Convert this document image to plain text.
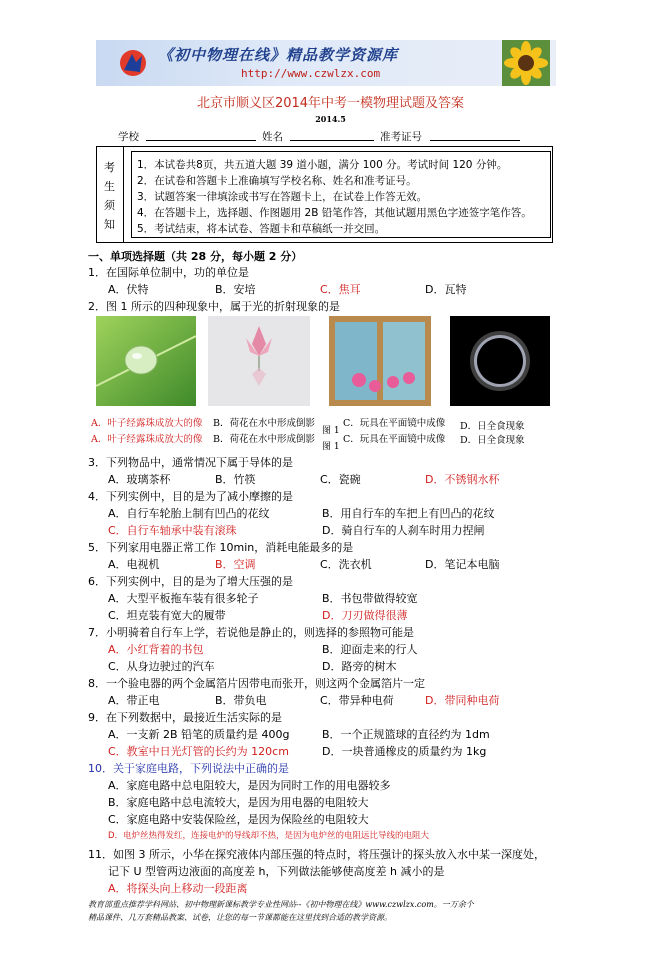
《初中物理在线》精品教学资源库
http://www.czwlzx.com
北京市顺义区2014年中考一模物理试题及答案
2014.5
学校	姓名	准考证号
考
生
须
知
1．本试卷共8页，共五道大题 39 道小题，满分 100 分。考试时间 120 分钟。
2．在试卷和答题卡上准确填写学校名称、姓名和准考证号。
3．试题答案一律填涂或书写在答题卡上，在试卷上作答无效。
4．在答题卡上，选择题、作图题用 2B 铅笔作答，其他试题用黑色字迹签字笔作答。
5．考试结束，将本试卷、答题卡和草稿纸一并交回。
一、单项选择题（共 28 分，每小题 2 分）
1．在国际单位制中，功的单位是
A．伏特	B．安培	C．焦耳	D．瓦特
2．图 1 所示的四种现象中，属于光的折射现象的是
A．叶子经露珠成放大的像
A．叶子经露珠成放大的像
B．荷花在水中形成倒影
B．荷花在水中形成倒影
C．玩具在平面镜中成像
C．玩具在平面镜中成像
图 1
图 1
D．日全食现象
D．日全食现象
3．下列物品中，通常情况下属于导体的是
A．玻璃茶杯	B．竹筷	C．瓷碗	D．不锈钢水杯
4．下列实例中，目的是为了减小摩擦的是
A．自行车轮胎上制有凹凸的花纹	B．用自行车的车把上有凹凸的花纹
C．自行车轴承中装有滚珠	D．骑自行车的人刹车时用力捏闸
5．下列家用电器正常工作 10min，消耗电能最多的是
A．电视机	B．空调	C．洗衣机	D．笔记本电脑
6．下列实例中，目的是为了增大压强的是
A．大型平板拖车装有很多轮子	B．书包带做得较宽
C．坦克装有宽大的履带	D．刀刃做得很薄
7．小明骑着自行车上学，若说他是静止的，则选择的参照物可能是
A．小红背着的书包	B．迎面走来的行人
C．从身边驶过的汽车	D．路旁的树木
8．一个验电器的两个金属箔片因带电而张开，则这两个金属箔片一定
A．带正电	B．带负电	C．带异种电荷	D．带同种电荷
9．在下列数据中，最接近生活实际的是
A．一支新 2B 铅笔的质量约是 400g	B．一个正规篮球的直径约为 1dm
C．教室中日光灯管的长约为 120cm	D．一块普通橡皮的质量约为 1kg
10．关于家庭电路，下列说法中正确的是
A．家庭电路中总电阻较大，是因为同时工作的用电器较多
B．家庭电路中总电流较大，是因为用电器的电阻较大
C．家庭电路中安装保险丝，是因为保险丝的电阻较大
D．电炉丝热得发红，连接电炉的导线却不热，是因为电炉丝的电阻远比导线的电阻大
11．如图 3 所示，小华在探究液体内部压强的特点时，将压强计的探头放入水中某一深度处，
记下 U 型管两边液面的高度差 h，下列做法能够使高度差 h 减小的是
A．将探头向上移动一段距离
教育部重点推荐学科网站、初中物理新课标教学专业性网站--《初中物理在线》www.czwlzx.com。一万余个
精品课件、几万套精品教案、试卷，让您的每一节课都能在这里找到合适的教学资源。
